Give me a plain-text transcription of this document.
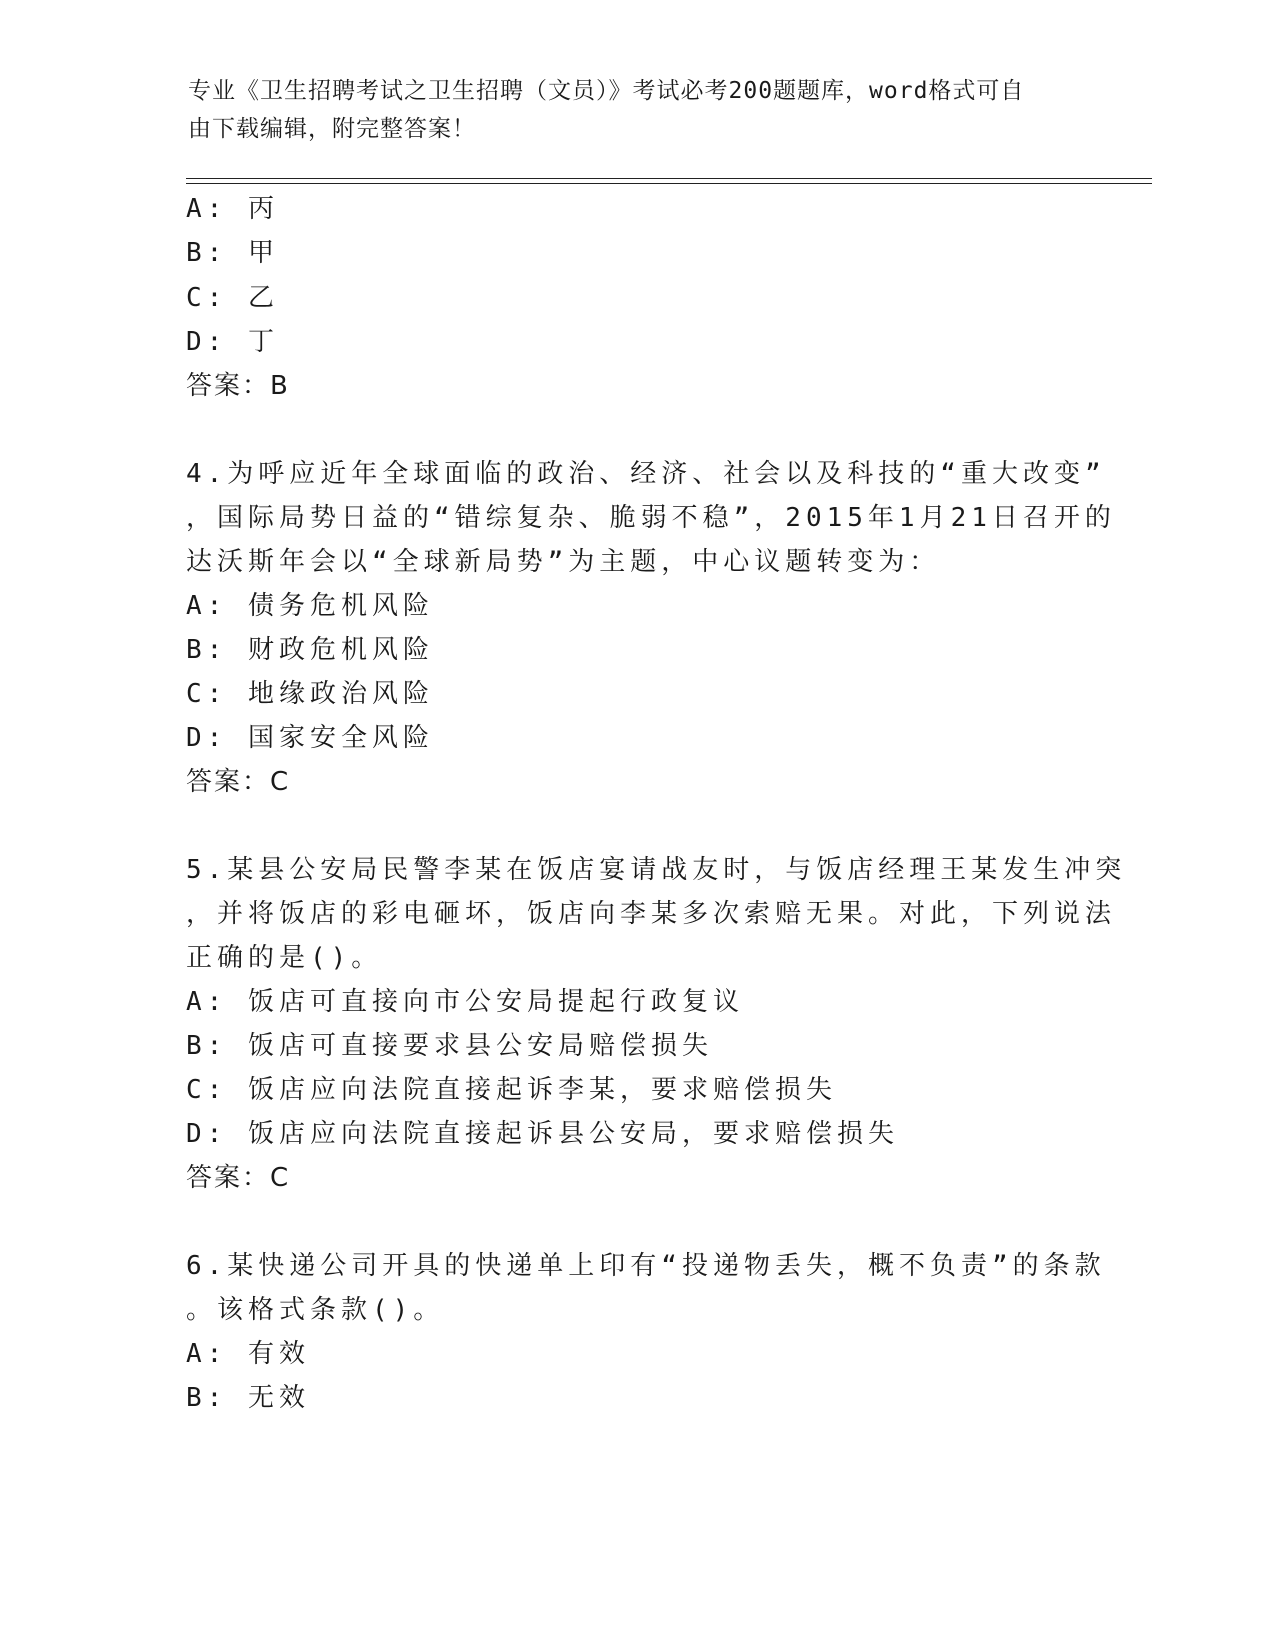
专业《卫生招聘考试之卫生招聘（文员）》考试必考200题题库，word格式可自
由下载编辑，附完整答案！
A: 丙
B: 甲
C: 乙
D: 丁
答案：B
4.为呼应近年全球面临的政治、经济、社会以及科技的“重大改变”
，国际局势日益的“错综复杂、脆弱不稳”，2015年1月21日召开的
达沃斯年会以“全球新局势”为主题，中心议题转变为：
A: 债务危机风险
B: 财政危机风险
C: 地缘政治风险
D: 国家安全风险
答案：C
5.某县公安局民警李某在饭店宴请战友时，与饭店经理王某发生冲突
，并将饭店的彩电砸坏，饭店向李某多次索赔无果。对此，下列说法
正确的是()。
A: 饭店可直接向市公安局提起行政复议
B: 饭店可直接要求县公安局赔偿损失
C: 饭店应向法院直接起诉李某，要求赔偿损失
D: 饭店应向法院直接起诉县公安局，要求赔偿损失
答案：C
6.某快递公司开具的快递单上印有“投递物丢失，概不负责”的条款
。该格式条款()。
A: 有效
B: 无效
